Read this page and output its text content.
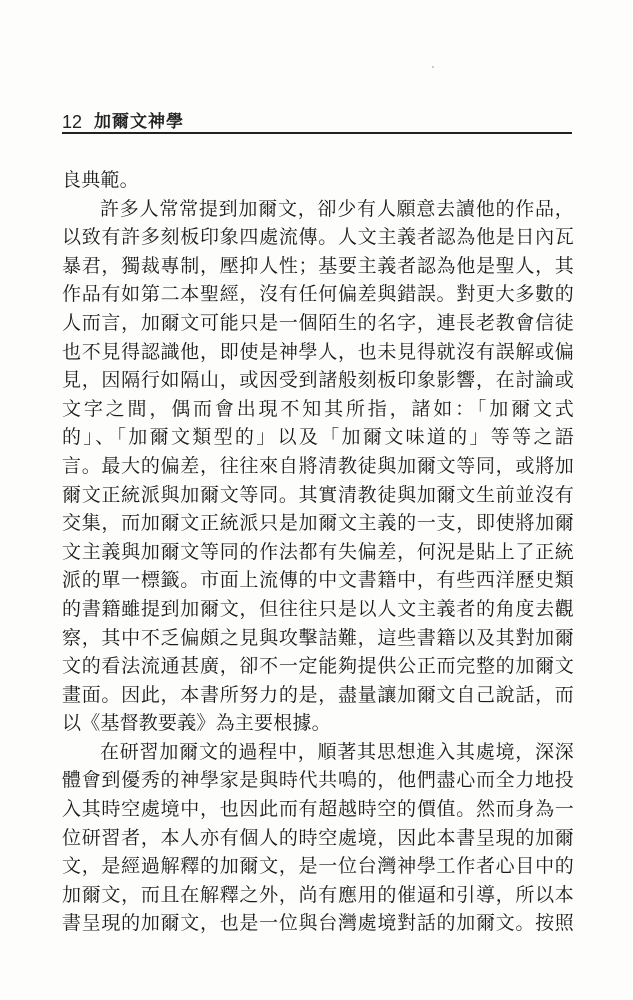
12 加爾文神學
良典範。
許多人常常提到加爾文，卻少有人願意去讀他的作品，
以致有許多刻板印象四處流傳。人文主義者認為他是日內瓦
暴君，獨裁專制，壓抑人性；基要主義者認為他是聖人，其
作品有如第二本聖經，沒有任何偏差與錯誤。對更大多數的
人而言，加爾文可能只是一個陌生的名字，連長老教會信徒
也不見得認識他，即使是神學人，也未見得就沒有誤解或偏
見，因隔行如隔山，或因受到諸般刻板印象影響，在討論或
文字之間，偶而會出現不知其所指，諸如：「加爾文式
的」、「加爾文類型的」以及「加爾文味道的」等等之語
言。最大的偏差，往往來自將清教徒與加爾文等同，或將加
爾文正統派與加爾文等同。其實清教徒與加爾文生前並沒有
交集，而加爾文正統派只是加爾文主義的一支，即使將加爾
文主義與加爾文等同的作法都有失偏差，何況是貼上了正統
派的單一標籤。市面上流傳的中文書籍中，有些西洋歷史類
的書籍雖提到加爾文，但往往只是以人文主義者的角度去觀
察，其中不乏偏頗之見與攻擊詰難，這些書籍以及其對加爾
文的看法流通甚廣，卻不一定能夠提供公正而完整的加爾文
畫面。因此，本書所努力的是，盡量讓加爾文自己說話，而
以《基督教要義》為主要根據。
在研習加爾文的過程中，順著其思想進入其處境，深深
體會到優秀的神學家是與時代共鳴的，他們盡心而全力地投
入其時空處境中，也因此而有超越時空的價值。然而身為一
位研習者，本人亦有個人的時空處境，因此本書呈現的加爾
文，是經過解釋的加爾文，是一位台灣神學工作者心目中的
加爾文，而且在解釋之外，尚有應用的催逼和引導，所以本
書呈現的加爾文，也是一位與台灣處境對話的加爾文。按照
